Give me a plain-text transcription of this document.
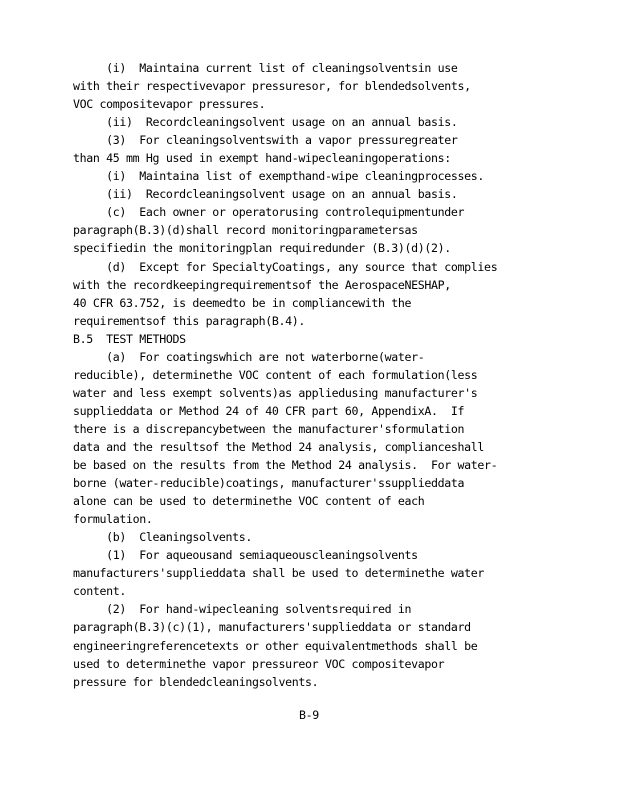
(i)  Maintaina current list of cleaningsolventsin use
with their respectivevapor pressuresor, for blendedsolvents,
VOC compositevapor pressures.
(ii)  Recordcleaningsolvent usage on an annual basis.
(3)  For cleaningsolventswith a vapor pressuregreater
than 45 mm Hg used in exempt hand-wipecleaningoperations:
(i)  Maintaina list of exempthand-wipe cleaningprocesses.
(ii)  Recordcleaningsolvent usage on an annual basis.
(c)  Each owner or operatorusing controlequipmentunder
paragraph(B.3)(d)shall record monitoringparametersas
specifiedin the monitoringplan requiredunder (B.3)(d)(2).
(d)  Except for SpecialtyCoatings, any source that complies
with the recordkeepingrequirementsof the AerospaceNESHAP,
40 CFR 63.752, is deemedto be in compliancewith the
requirementsof this paragraph(B.4).
B.5  TEST METHODS
(a)  For coatingswhich are not waterborne(water-
reducible), determinethe VOC content of each formulation(less
water and less exempt solvents)as appliedusing manufacturer's
supplieddata or Method 24 of 40 CFR part 60, AppendixA.  If
there is a discrepancybetween the manufacturer'sformulation
data and the resultsof the Method 24 analysis, complianceshall
be based on the results from the Method 24 analysis.  For water-
borne (water-reducible)coatings, manufacturer'ssupplieddata
alone can be used to determinethe VOC content of each
formulation.
(b)  Cleaningsolvents.
(1)  For aqueousand semiaqueouscleaningsolvents
manufacturers'supplieddata shall be used to determinethe water
content.
(2)  For hand-wipecleaning solventsrequired in
paragraph(B.3)(c)(1), manufacturers'supplieddata or standard
engineeringreferencetexts or other equivalentmethods shall be
used to determinethe vapor pressureor VOC compositevapor
pressure for blendedcleaningsolvents.
B-9
